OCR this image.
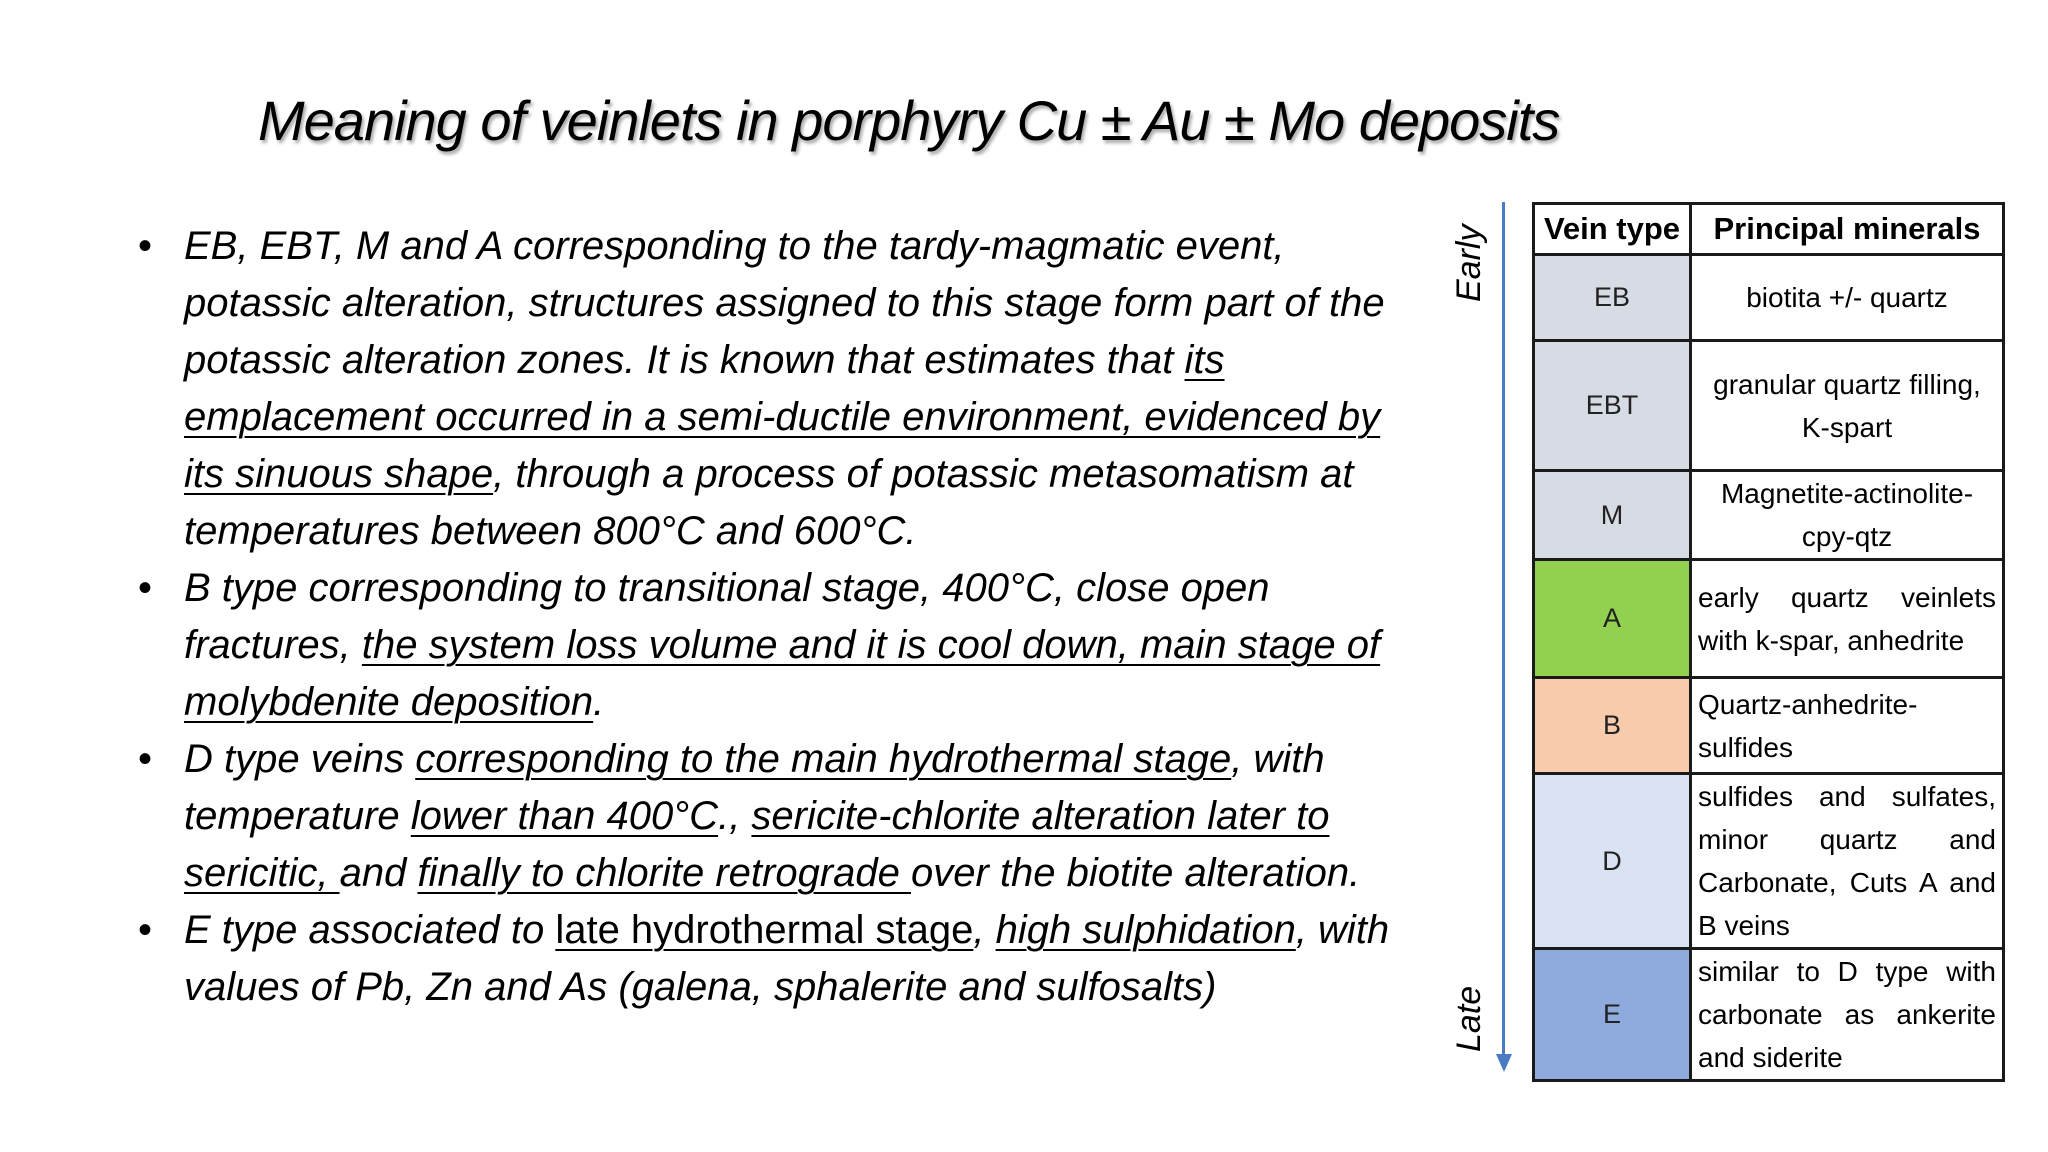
Meaning of veinlets in porphyry Cu ± Au ± Mo deposits
• EB, EBT, M and A corresponding to the tardy-magmatic event, potassic alteration, structures assigned to this stage form part of the potassic alteration zones. It is known that estimates that its emplacement occurred in a semi-ductile environment, evidenced by its sinuous shape, through a process of potassic metasomatism at temperatures between 800°C and 600°C.
• B type corresponding to transitional stage, 400°C, close open fractures, the system loss volume and it is cool down, main stage of molybdenite deposition.
• D type veins corresponding to the main hydrothermal stage, with temperature lower than 400°C., sericite-chlorite alteration later to sericitic, and finally to chlorite retrograde over the biotite alteration.
• E type associated to late hydrothermal stage, high sulphidation, with values of Pb, Zn and As (galena, sphalerite and sulfosalts)
Early
Late
Vein type	Principal minerals
EB	biotita +/- quartz
EBT	granular quartz filling, K-spart
M	Magnetite-actinolite-cpy-qtz
A	early quartz veinlets with k-spar, anhedrite
B	Quartz-anhedrite-sulfides
D	sulfides and sulfates, minor quartz and Carbonate, Cuts A and B veins
E	similar to D type with carbonate as ankerite and siderite
